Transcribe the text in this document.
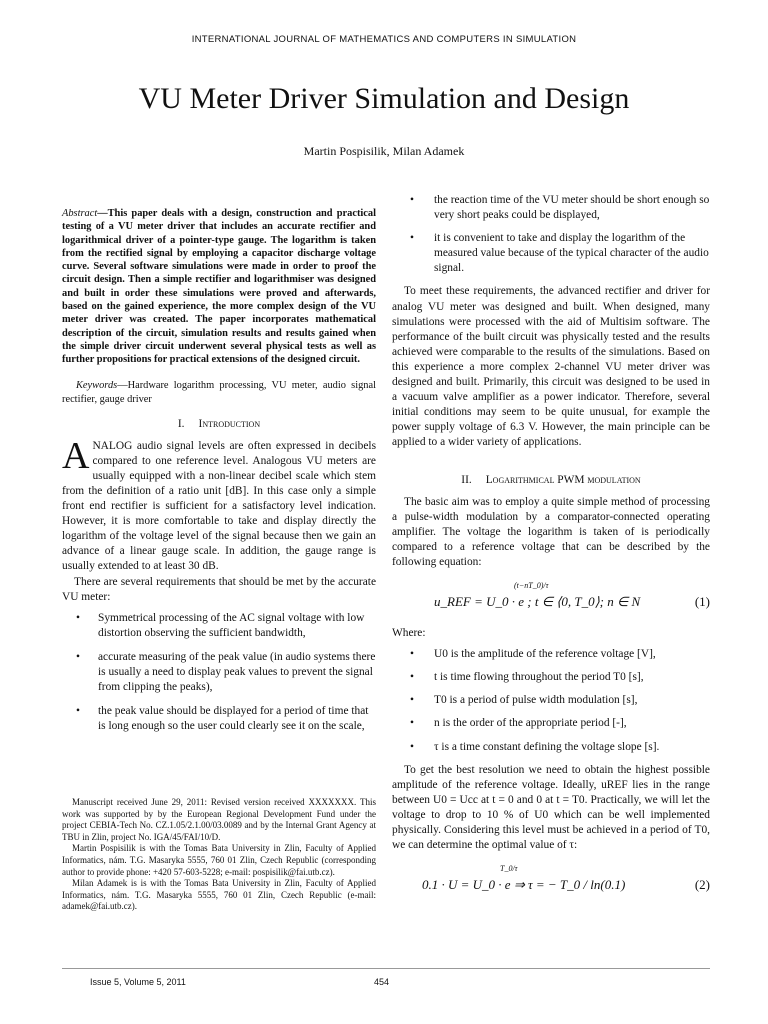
INTERNATIONAL JOURNAL OF MATHEMATICS AND COMPUTERS IN SIMULATION
VU Meter Driver Simulation and Design
Martin Pospisilik, Milan Adamek

Abstract—This paper deals with a design, construction and practical testing of a VU meter driver that includes an accurate rectifier and logarithmical driver of a pointer-type gauge. The logarithm is taken from the rectified signal by employing a capacitor discharge voltage curve. Several software simulations were made in order to proof the circuit design. Then a simple rectifier and logarithmiser was designed and built in order these simulations were proved and afterwards, based on the gained experience, the more complex design of the VU meter driver was created. The paper incorporates mathematical description of the circuit, simulation results and results gained when the simple driver circuit underwent several physical tests as well as further propositions for practical extensions of the designed circuit.

Keywords—Hardware logarithm processing, VU meter, audio signal rectifier, gauge driver

I. Introduction

ANALOG audio signal levels are often expressed in decibels compared to one reference level. Analogous VU meters are usually equipped with a non-linear decibel scale which stem from the definition of a ratio unit [dB]. In this case only a simple front end rectifier is sufficient for a satisfactory level indication. However, it is more comfortable to take and display directly the logarithm of the voltage level of the signal because then we gain an advance of a linear gauge scale. In addition, the gauge range is usually extended to at least 30 dB.

There are several requirements that should be met by the accurate VU meter:

• Symmetrical processing of the AC signal voltage with low distortion observing the sufficient bandwidth,
• accurate measuring of the peak value (in audio systems there is usually a need to display peak values to prevent the signal from clipping the peaks),
• the peak value should be displayed for a period of time that is long enough so the user could clearly see it on the scale,

Manuscript received June 29, 2011: Revised version received XXXXXXX. This work was supported by by the European Regional Development Fund under the project CEBIA-Tech No. CZ.1.05/2.1.00/03.0089 and by the Internal Grant Agency at TBU in Zlin, project No. IGA/45/FAI/10/D.

Martin Pospisilik is with the Tomas Bata University in Zlin, Faculty of Applied Informatics, nám. T.G. Masaryka 5555, 760 01 Zlin, Czech Republic (corresponding author to provide phone: +420 57-603-5228; e-mail: pospisilik@fai.utb.cz).

Milan Adamek is is with the Tomas Bata University in Zlin, Faculty of Applied Informatics, nám. T.G. Masaryka 5555, 760 01 Zlin, Czech Republic (e-mail: adamek@fai.utb.cz).

• the reaction time of the VU meter should be short enough so very short peaks could be displayed,
• it is convenient to take and display the logarithm of the measured value because of the typical character of the audio signal.

To meet these requirements, the advanced rectifier and driver for analog VU meter was designed and built. When designed, many simulations were processed with the aid of Multisim software. The performance of the built circuit was physically tested and the results achieved were comparable to the results of the simulations. Based on this experience a more complex 2-channel VU meter driver was designed and built. Primarily, this circuit was designed to be used in a vacuum valve amplifier as a power indicator. Therefore, several initial conditions may seem to be quite unusual, for example the power supply voltage of 6.3 V. However, the main principle can be applied to a wider variety of applications.

II. Logarithmical PWM modulation

The basic aim was to employ a quite simple method of processing a pulse-width modulation by a comparator-connected operating amplifier. The voltage the logarithm is taken of is periodically compared to a reference voltage that can be described by the following equation:

(t−nT_0)/τ
u_REF = U_0 · e ; t ∈ ⟨0, T_0⟩; n ∈ N	(1)

Where:

• U0 is the amplitude of the reference voltage [V],
• t is time flowing throughout the period T0 [s],
• T0 is a period of pulse width modulation [s],
• n is the order of the appropriate period [-],
• τ is a time constant defining the voltage slope [s].

To get the best resolution we need to obtain the highest possible amplitude of the reference voltage. Ideally, uREF lies in the range between U0 = Ucc at t = 0 and 0 at t = T0. Practically, we will let the voltage to drop to 10 % of U0 which can be well implemented physically. Considering this level must be achieved in a period of T0, we can determine the optimal value of τ:

T_0/τ
0.1 · U = U_0 · e ⇒ τ = − T_0 / ln(0.1)	(2)
Issue 5, Volume 5, 2011	454
